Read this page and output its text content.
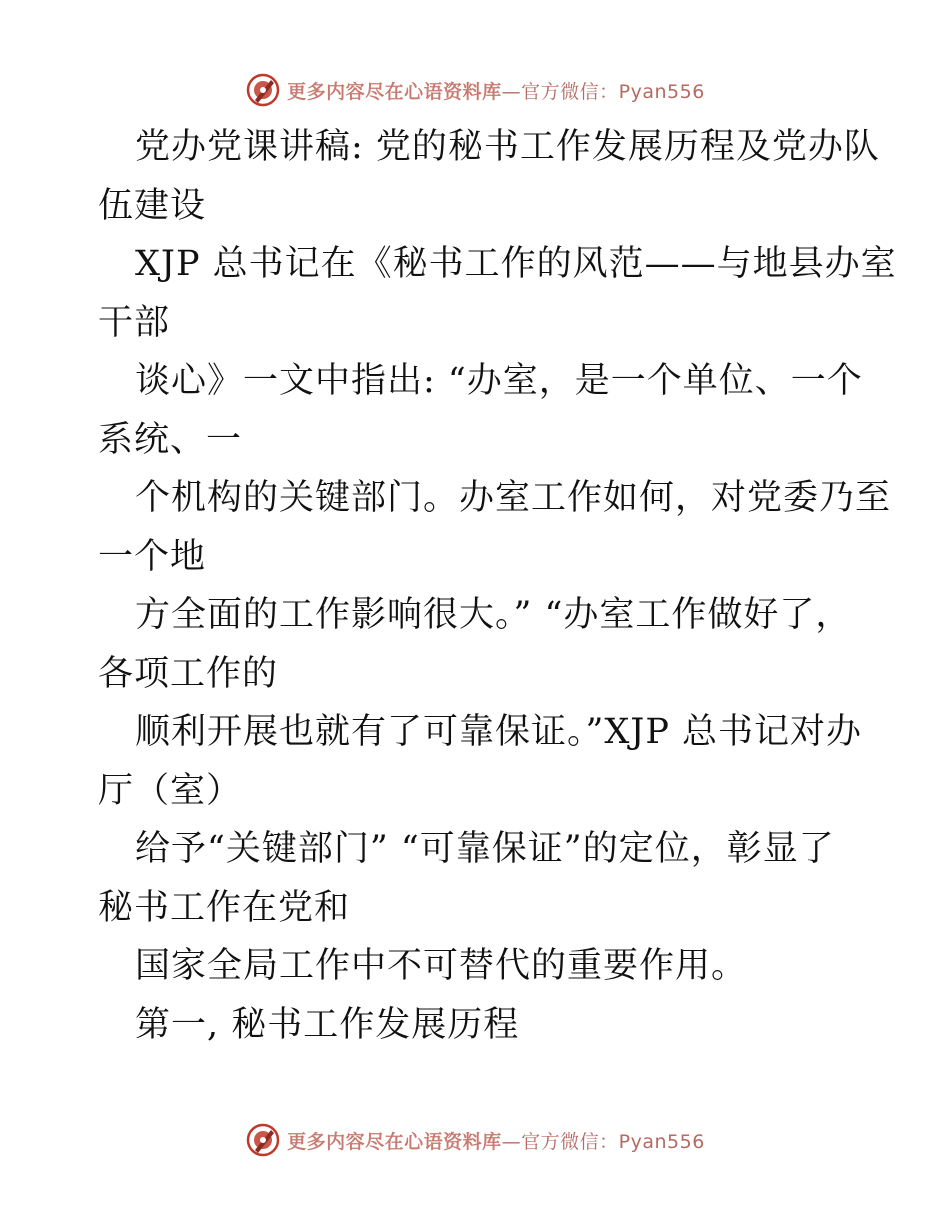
更多内容尽在心语资料库—官方微信：Pyan556
党办党课讲稿: 党的秘书工作发展历程及党办队
伍建设
XJP 总书记在《秘书工作的风范——与地县办室
干部
谈心》一文中指出: “办室，是一个单位、一个
系统、一
个机构的关键部门。办室工作如何，对党委乃至
一个地
方全面的工作影响很大。” “办室工作做好了，
各项工作的
顺利开展也就有了可靠保证。”XJP 总书记对办
厅（室）
给予“关键部门” “可靠保证”的定位，彰显了
秘书工作在党和
国家全局工作中不可替代的重要作用。
第一, 秘书工作发展历程
更多内容尽在心语资料库—官方微信：Pyan556
